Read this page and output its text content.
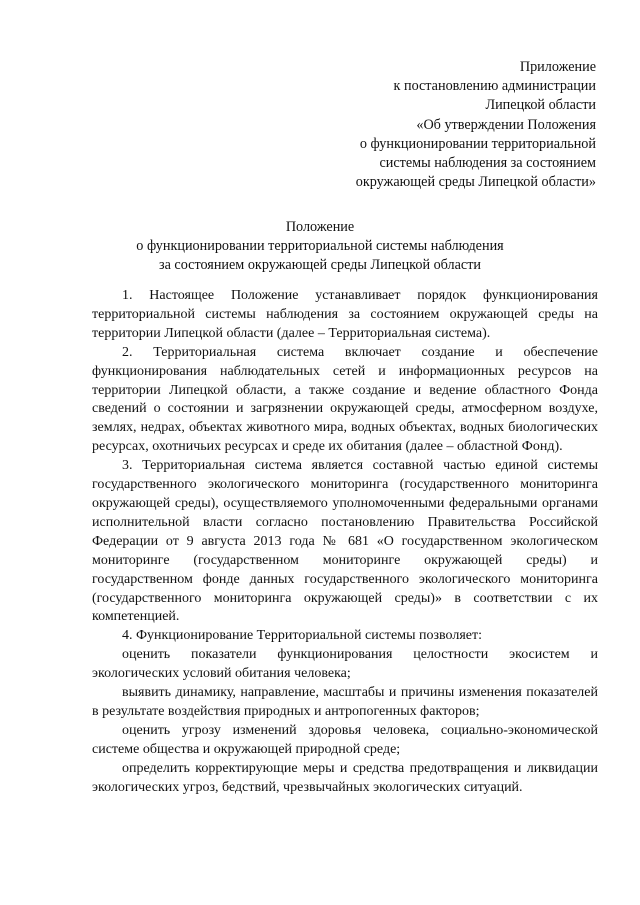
Приложение
к постановлению администрации
Липецкой области
«Об утверждении Положения
о функционировании территориальной
системы наблюдения за состоянием
окружающей среды Липецкой области»
Положение
о функционировании территориальной системы наблюдения
за состоянием окружающей среды Липецкой области

1. Настоящее Положение устанавливает порядок функционирования территориальной системы наблюдения за состоянием окружающей среды на территории Липецкой области (далее – Территориальная система).

2. Территориальная система включает создание и обеспечение функционирования наблюдательных сетей и информационных ресурсов на территории Липецкой области, а также создание и ведение областного Фонда сведений о состоянии и загрязнении окружающей среды, атмосферном воздухе, землях, недрах, объектах животного мира, водных объектах, водных биологических ресурсах, охотничьих ресурсах и среде их обитания (далее – областной Фонд).

3. Территориальная система является составной частью единой системы государственного экологического мониторинга (государственного мониторинга окружающей среды), осуществляемого уполномоченными федеральными органами исполнительной власти согласно постановлению Правительства Российской Федерации от 9 августа 2013 года № 681 «О государственном экологическом мониторинге (государственном мониторинге окружающей среды) и государственном фонде данных государственного экологического мониторинга (государственного мониторинга окружающей среды)» в соответствии с их компетенцией.

4. Функционирование Территориальной системы позволяет:

оценить показатели функционирования целостности экосистем и экологических условий обитания человека;

выявить динамику, направление, масштабы и причины изменения показателей в результате воздействия природных и антропогенных факторов;

оценить угрозу изменений здоровья человека, социально-экономической системе общества и окружающей природной среде;

определить корректирующие меры и средства предотвращения и ликвидации экологических угроз, бедствий, чрезвычайных экологических ситуаций.
